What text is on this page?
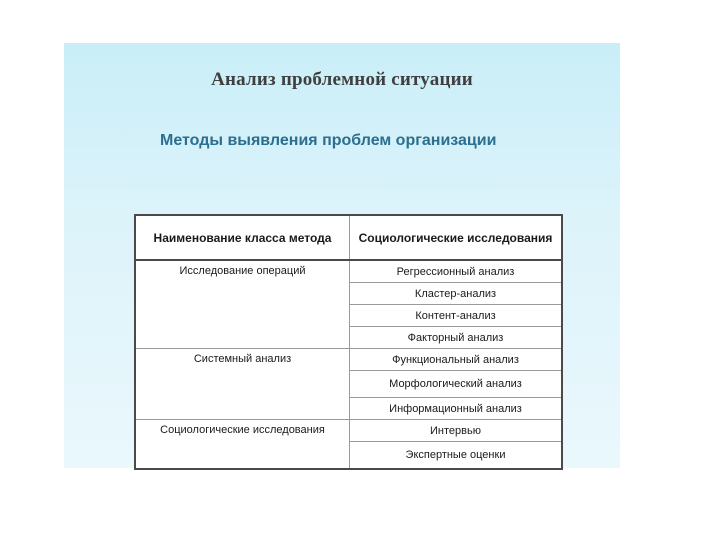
Анализ проблемной ситуации
Методы выявления проблем организации
Наименование класса метода	Социологические исследования
Исследование операций	Регрессионный анализ
	Кластер-анализ
	Контент-анализ
	Факторный анализ
Системный анализ	Функциональный анализ
	Морфологический анализ
	Информационный анализ
Социологические исследования	Интервью
	Экспертные оценки
